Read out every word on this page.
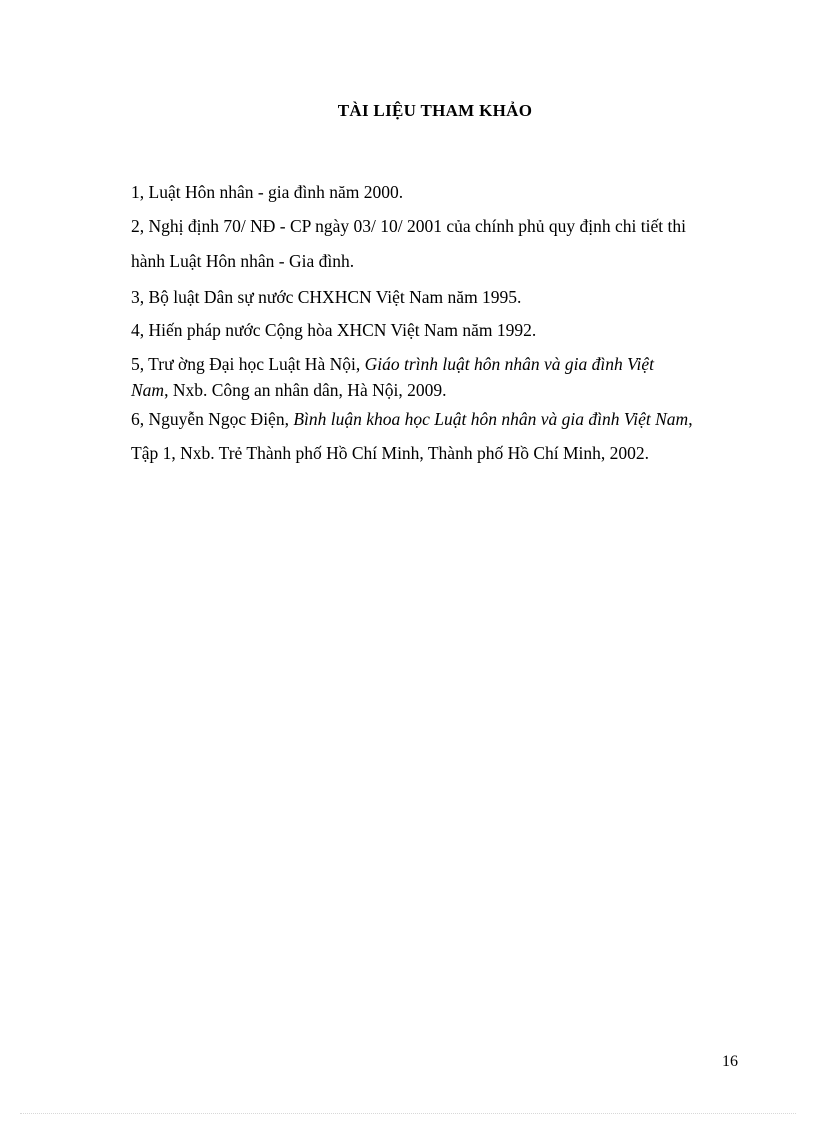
TÀI LIỆU THAM KHẢO

1, Luật Hôn nhân - gia đình năm 2000.

2, Nghị định 70/ NĐ - CP ngày 03/ 10/ 2001 của chính phủ quy định chi tiết thi

hành Luật Hôn nhân - Gia đình.

3, Bộ luật Dân sự nước CHXHCN Việt Nam năm 1995.

4, Hiến pháp nước Cộng hòa XHCN Việt Nam năm 1992.

5, Trư ờng Đại học Luật Hà Nội, Giáo trình luật hôn nhân và gia đình Việt
Nam, Nxb. Công an nhân dân, Hà Nội, 2009.

6, Nguyễn Ngọc Điện, Bình luận khoa học Luật hôn nhân và gia đình Việt Nam,

Tập 1, Nxb. Trẻ Thành phố Hồ Chí Minh, Thành phố Hồ Chí Minh, 2002.

16
